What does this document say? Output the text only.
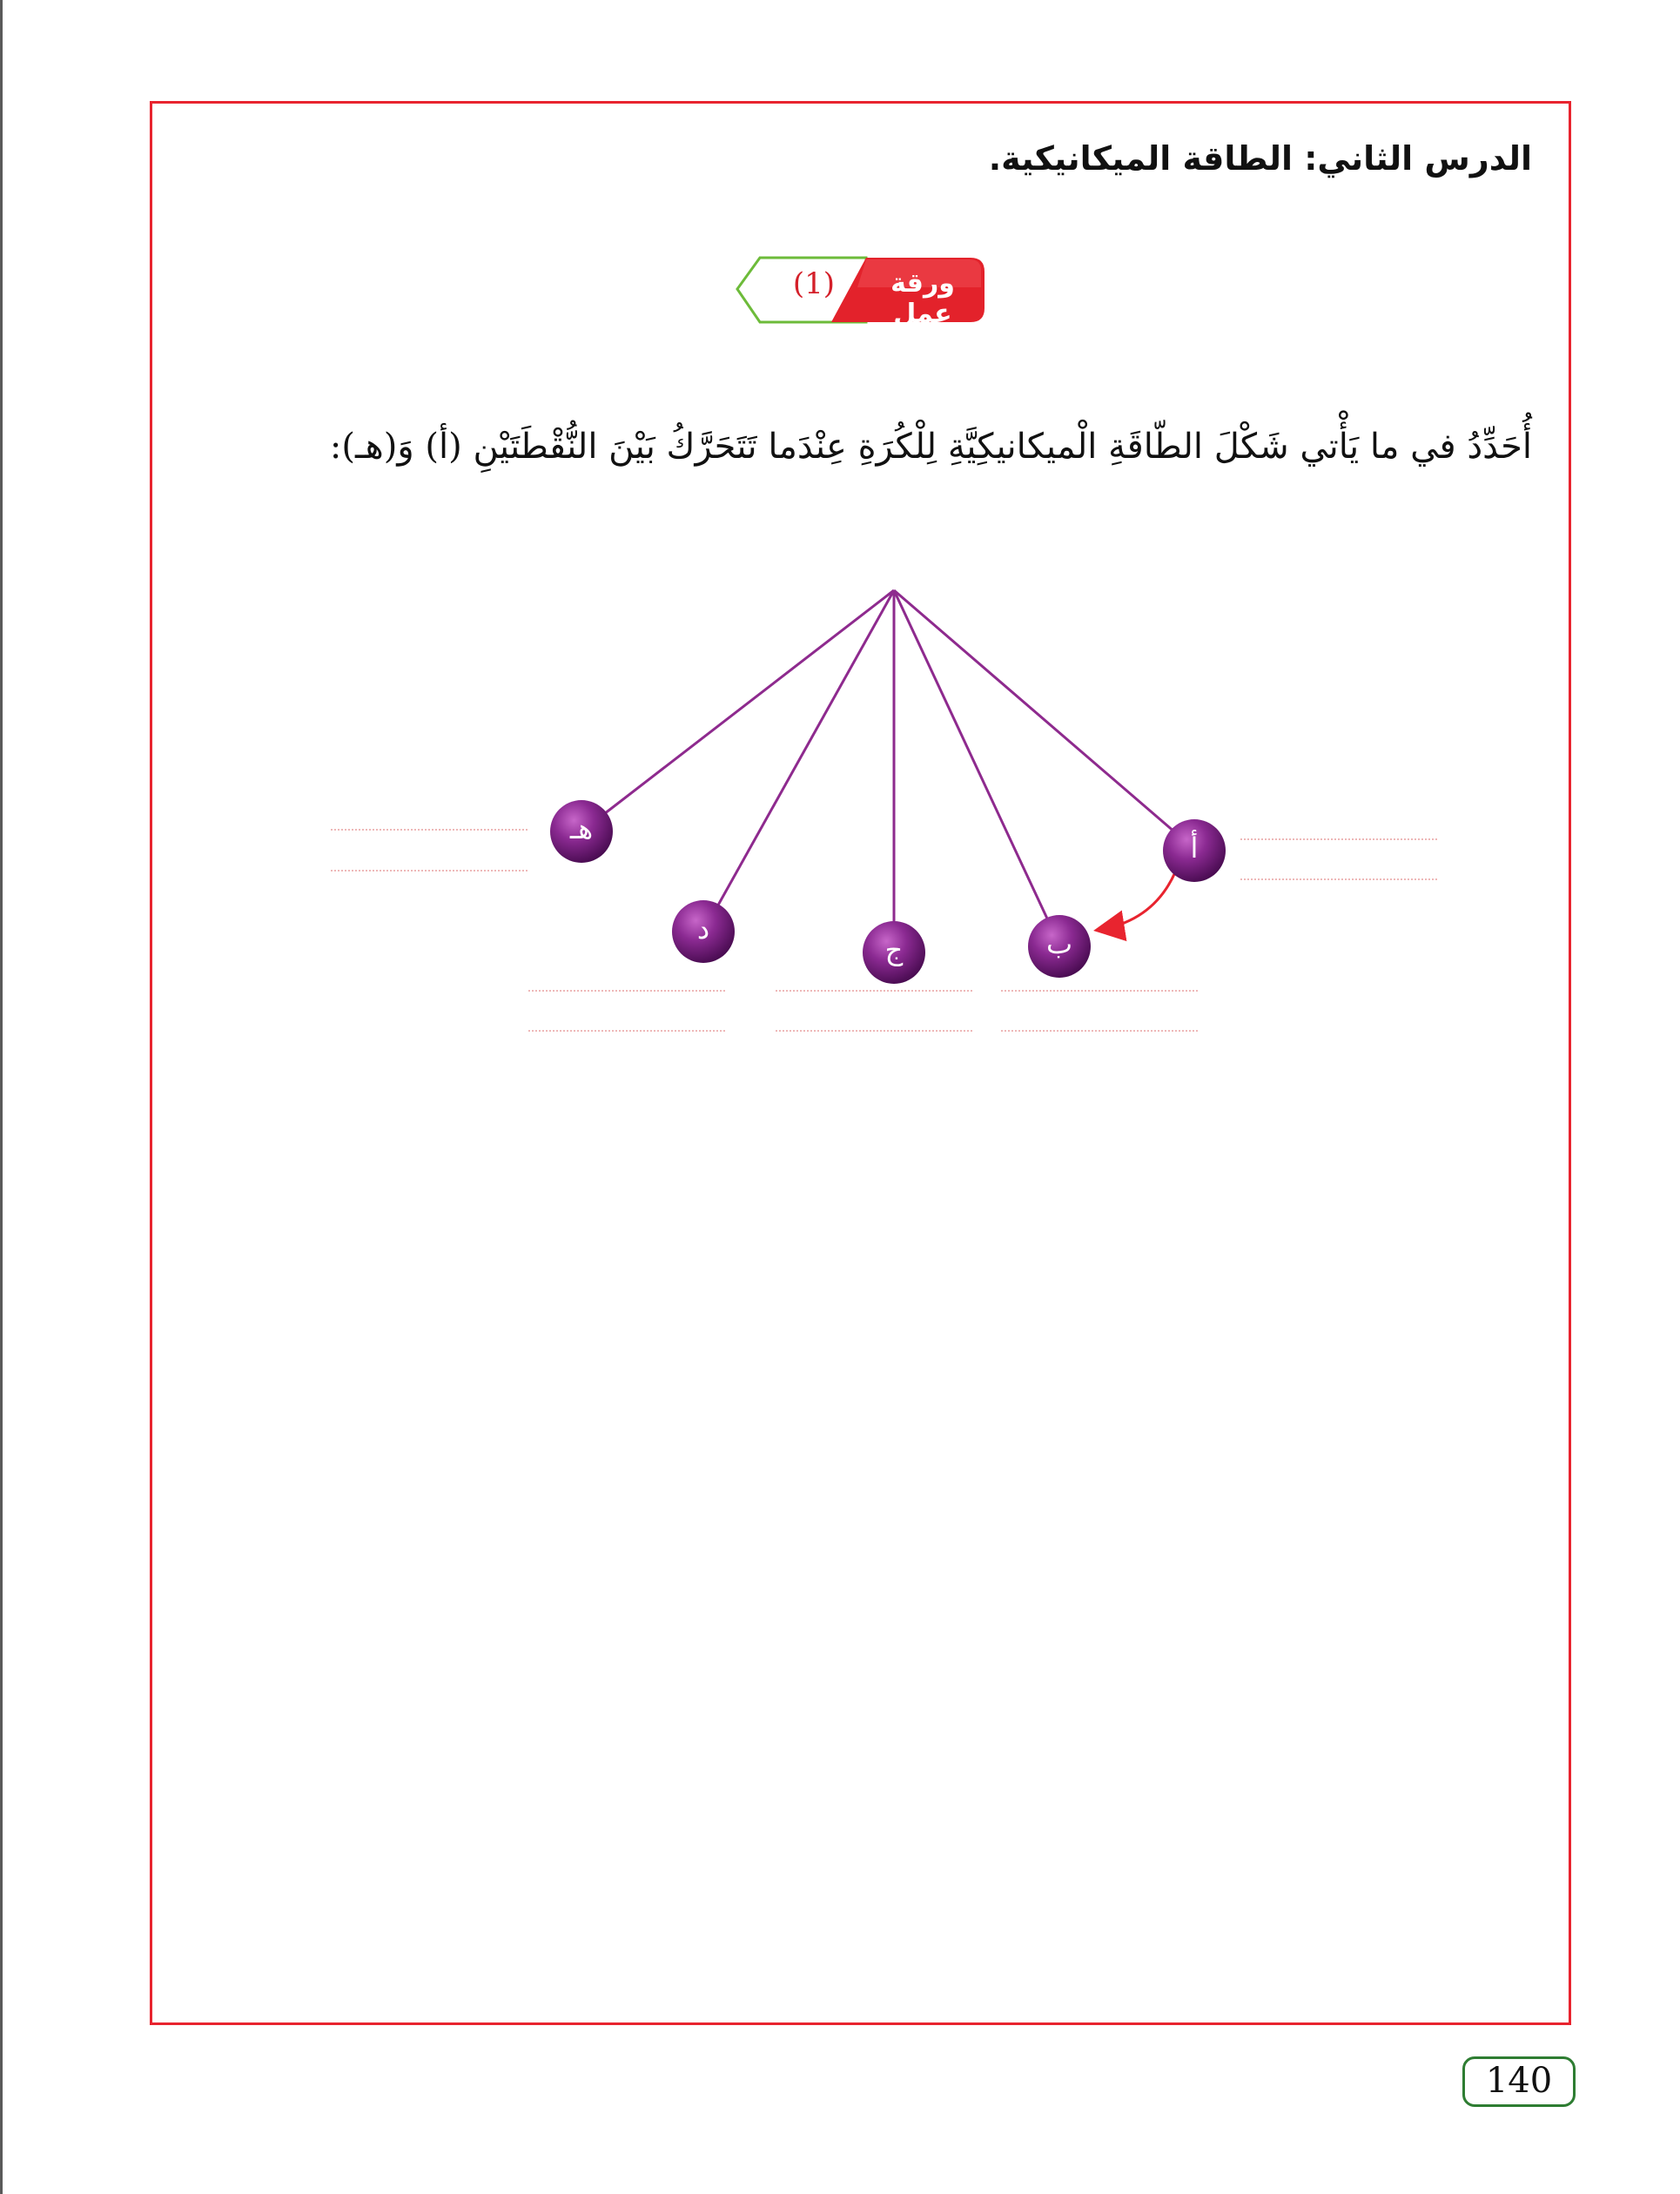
الدرس الثاني: الطاقة الميكانيكية.
(1)	ورقة عمل
أُحَدِّدُ في ما يَأْتي شَكْلَ الطّاقَةِ الْميكانيكِيَّةِ لِلْكُرَةِ عِنْدَما تَتَحَرَّكُ بَيْنَ النُّقْطَتَيْنِ (أ) وَ(هـ):
أ
ب
ج
د
هـ
140
